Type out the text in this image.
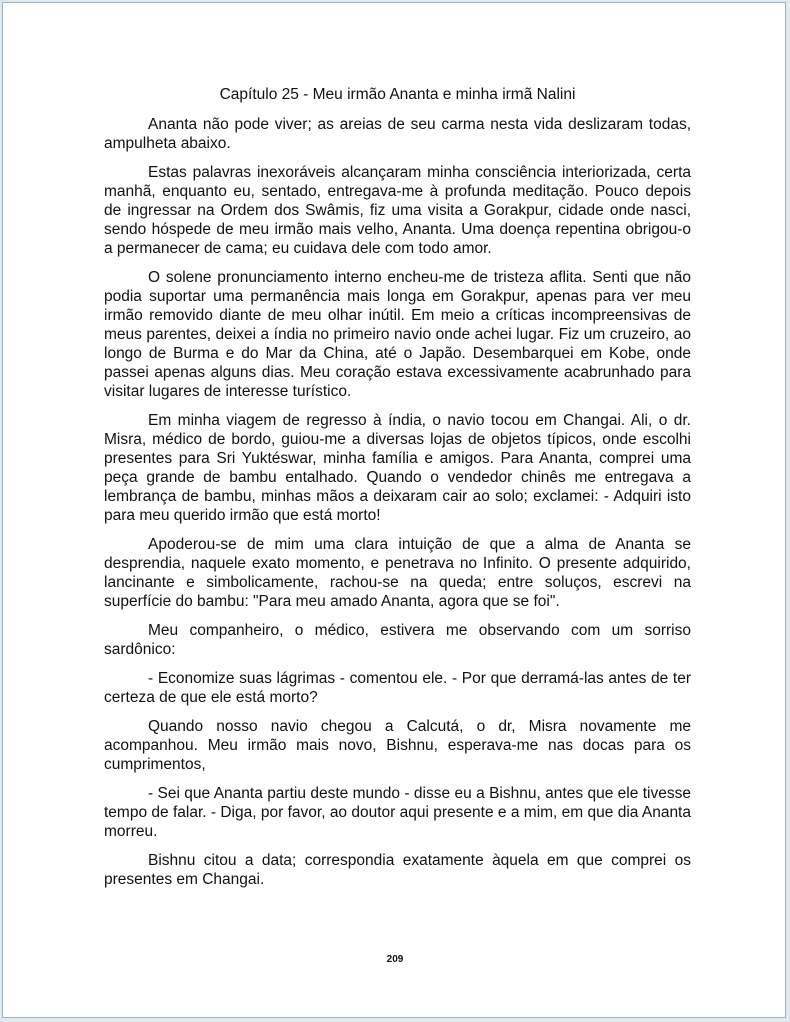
Capítulo 25 - Meu irmão Ananta e minha irmã Nalini

Ananta não pode viver; as areias de seu carma nesta vida deslizaram todas, ampulheta abaixo.

Estas palavras inexoráveis alcançaram minha consciência interiorizada, certa manhã, enquanto eu, sentado, entregava-me à profunda meditação. Pouco depois de ingressar na Ordem dos Swâmis, fiz uma visita a Gorakpur, cidade onde nasci, sendo hóspede de meu irmão mais velho, Ananta. Uma doença repentina obrigou-o a permanecer de cama; eu cuidava dele com todo amor.

O solene pronunciamento interno encheu-me de tristeza aflita. Senti que não podia suportar uma permanência mais longa em Gorakpur, apenas para ver meu irmão removido diante de meu olhar inútil. Em meio a críticas incompreensivas de meus parentes, deixei a índia no primeiro navio onde achei lugar. Fiz um cruzeiro, ao longo de Burma e do Mar da China, até o Japão. Desembarquei em Kobe, onde passei apenas alguns dias. Meu coração estava excessivamente acabrunhado para visitar lugares de interesse turístico.

Em minha viagem de regresso à índia, o navio tocou em Changai. Ali, o dr. Misra, médico de bordo, guiou-me a diversas lojas de objetos típicos, onde escolhi presentes para Sri Yuktéswar, minha família e amigos. Para Ananta, comprei uma peça grande de bambu entalhado. Quando o vendedor chinês me entregava a lembrança de bambu, minhas mãos a deixaram cair ao solo; exclamei: - Adquiri isto para meu querido irmão que está morto!

Apoderou-se de mim uma clara intuição de que a alma de Ananta se desprendia, naquele exato momento, e penetrava no Infinito. O presente adquirido, lancinante e simbolicamente, rachou-se na queda; entre soluços, escrevi na superfície do bambu: "Para meu amado Ananta, agora que se foi".

Meu companheiro, o médico, estivera me observando com um sorriso sardônico:

- Economize suas lágrimas - comentou ele. - Por que derramá-las antes de ter certeza de que ele está morto?

Quando nosso navio chegou a Calcutá, o dr, Misra novamente me acompanhou. Meu irmão mais novo, Bishnu, esperava-me nas docas para os cumprimentos,

- Sei que Ananta partiu deste mundo - disse eu a Bishnu, antes que ele tivesse tempo de falar. - Diga, por favor, ao doutor aqui presente e a mim, em que dia Ananta morreu.

Bishnu citou a data; correspondia exatamente àquela em que comprei os presentes em Changai.

209
